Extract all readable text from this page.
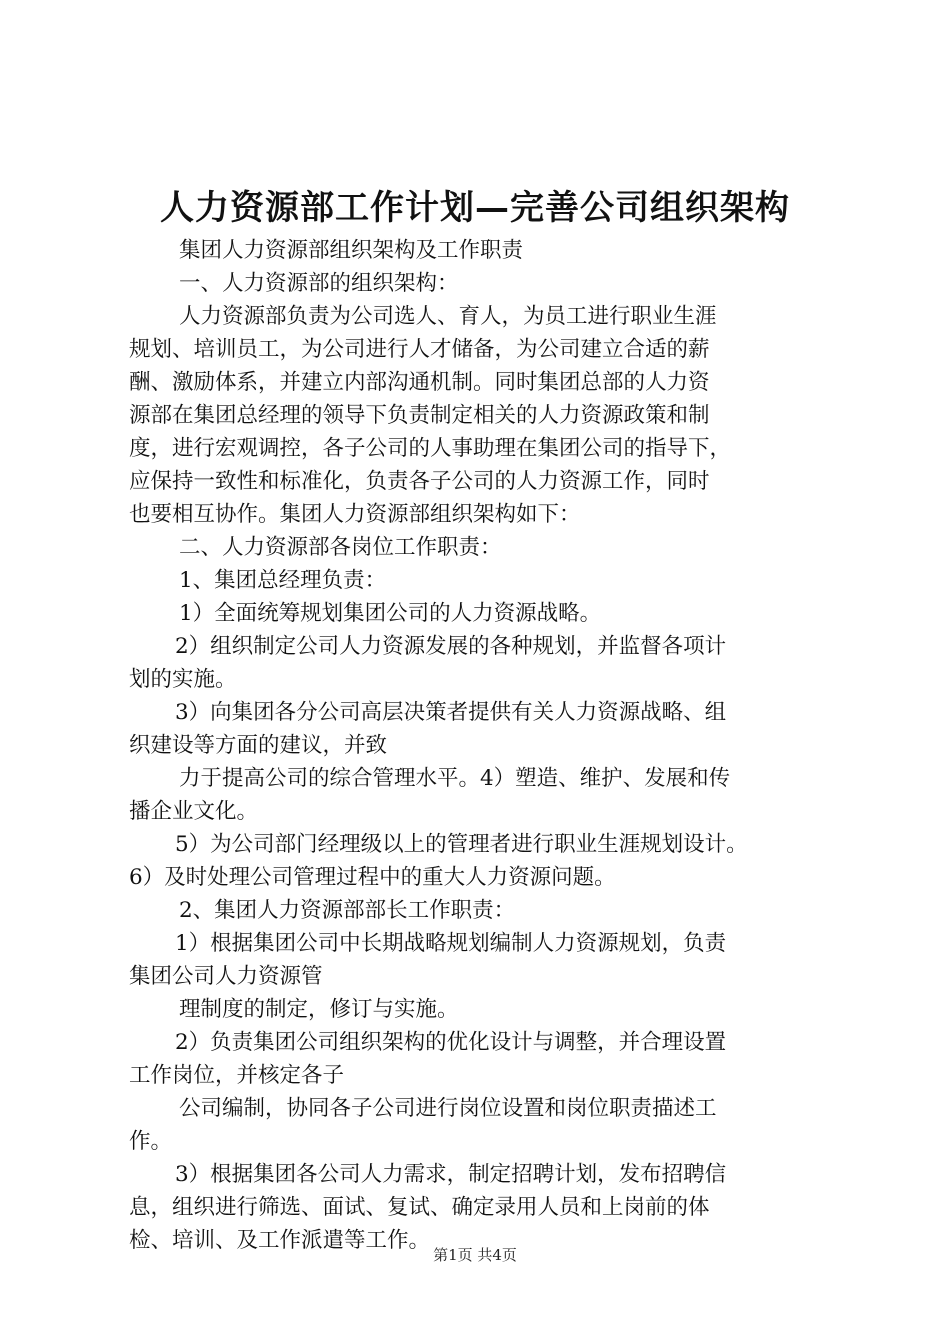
人力资源部工作计划—完善公司组织架构

集团人力资源部组织架构及工作职责

一、人力资源部的组织架构：

人力资源部负责为公司选人、育人，为员工进行职业生涯

规划、培训员工，为公司进行人才储备，为公司建立合适的薪

酬、激励体系，并建立内部沟通机制。同时集团总部的人力资

源部在集团总经理的领导下负责制定相关的人力资源政策和制

度，进行宏观调控，各子公司的人事助理在集团公司的指导下，

应保持一致性和标准化，负责各子公司的人力资源工作，同时

也要相互协作。集团人力资源部组织架构如下：

二、人力资源部各岗位工作职责：

1、集团总经理负责：

1）全面统筹规划集团公司的人力资源战略。

2）组织制定公司人力资源发展的各种规划，并监督各项计

划的实施。

3）向集团各分公司高层决策者提供有关人力资源战略、组

织建设等方面的建议，并致

力于提高公司的综合管理水平。4）塑造、维护、发展和传

播企业文化。

5）为公司部门经理级以上的管理者进行职业生涯规划设计。

6）及时处理公司管理过程中的重大人力资源问题。

2、集团人力资源部部长工作职责：

1）根据集团公司中长期战略规划编制人力资源规划，负责

集团公司人力资源管

理制度的制定，修订与实施。

2）负责集团公司组织架构的优化设计与调整，并合理设置

工作岗位，并核定各子

公司编制，协同各子公司进行岗位设置和岗位职责描述工

作。

3）根据集团各公司人力需求，制定招聘计划，发布招聘信

息，组织进行筛选、面试、复试、确定录用人员和上岗前的体

检、培训、及工作派遣等工作。

第1页 共4页
